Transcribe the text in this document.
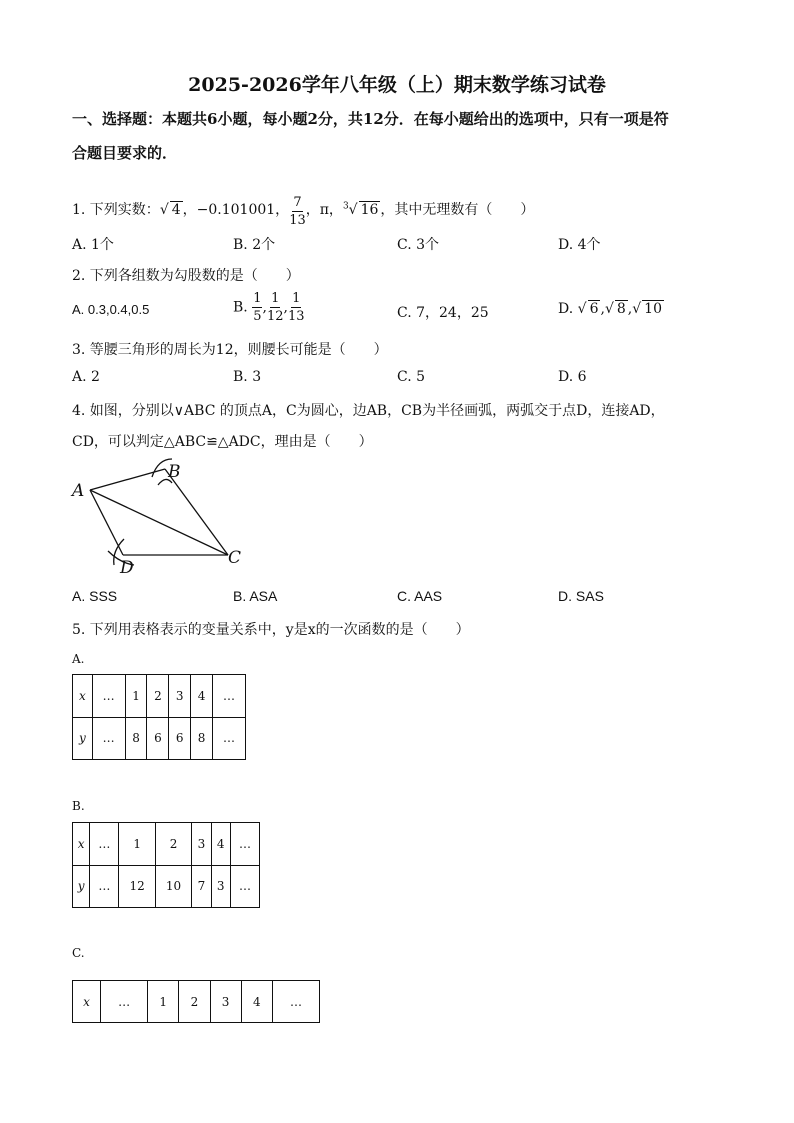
2025-2026学年八年级（上）期末数学练习试卷
一、选择题：本题共6小题，每小题2分，共12分．在每小题给出的选项中，只有一项是符
合题目要求的．
1. 下列实数：√ 4 ，−0.101001， $\frac{7}{13}$ ，π，$^3$√ 16 ，其中无理数有（　　）
A. 1个	B. 2个	C. 3个	D. 4个
2. 下列各组数为勾股数的是（　　）
A. 0.3,0.4,0.5	B. $\frac{1}{5}$ , $\frac{1}{12}$ , $\frac{1}{13}$	C. 7，24，25	D. √ 6 ,√ 8 ,√ 10
3. 等腰三角形的周长为12，则腰长可能是（　　）
A. 2	B. 3	C. 5	D. 6
4. 如图，分别以∨ABC 的顶点A，C为圆心，边AB，CB为半径画弧，两弧交于点D，连接AD，
CD，可以判定△ABC≌△ADC，理由是（　　）
A
B
C
D
A. SSS	B. ASA	C. AAS	D. SAS
5. 下列用表格表示的变量关系中，y是x的一次函数的是（　　）
A.
x	…	1	2	3	4	…
y	…	8	6	6	8	…
B.
x	…	1	2	3	4	…
y	…	12	10	7	3	…
C.
x	…	1	2	3	4	…
